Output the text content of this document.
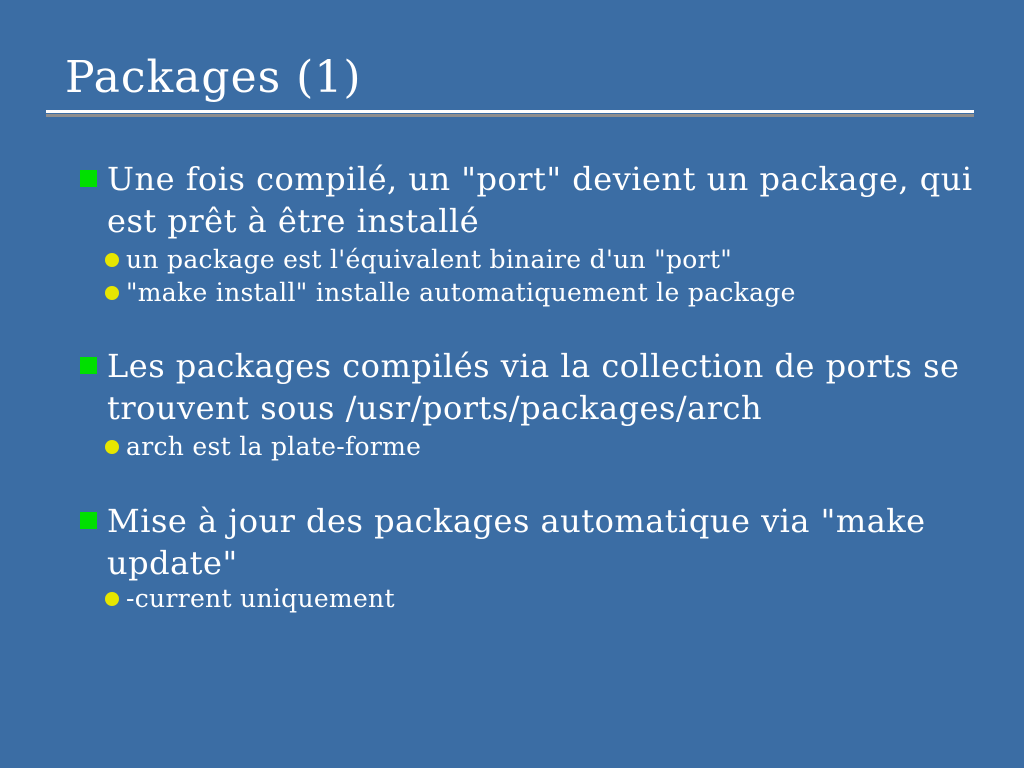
Packages (1)
Une fois compilé, un "port" devient un package, qui
est prêt à être installé
un package est l'équivalent binaire d'un "port"
"make install" installe automatiquement le package
Les packages compilés via la collection de ports se
trouvent sous /usr/ports/packages/arch
arch est la plate-forme
Mise à jour des packages automatique via "make
update"
-current uniquement
